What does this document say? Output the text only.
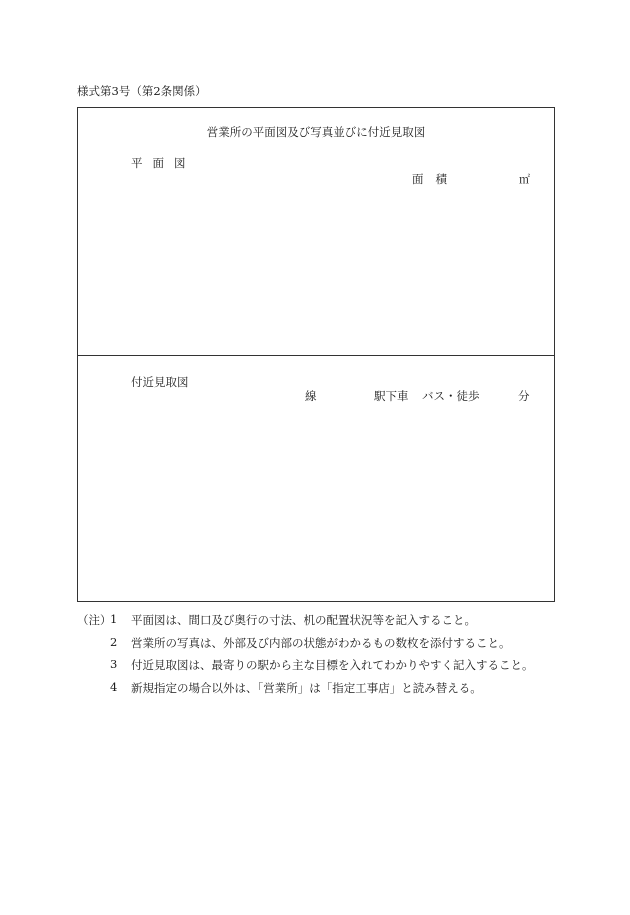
様式第3号（第2条関係）
営業所の平面図及び写真並びに付近見取図
平面図
面積	㎡
付近見取図
線	駅下車 バス・徒歩	分
（注）
1 平面図は、間口及び奥行の寸法、机の配置状況等を記入すること。
2 営業所の写真は、外部及び内部の状態がわかるもの数枚を添付すること。
3 付近見取図は、最寄りの駅から主な目標を入れてわかりやすく記入すること。
4 新規指定の場合以外は、「営業所」は「指定工事店」と読み替える。
